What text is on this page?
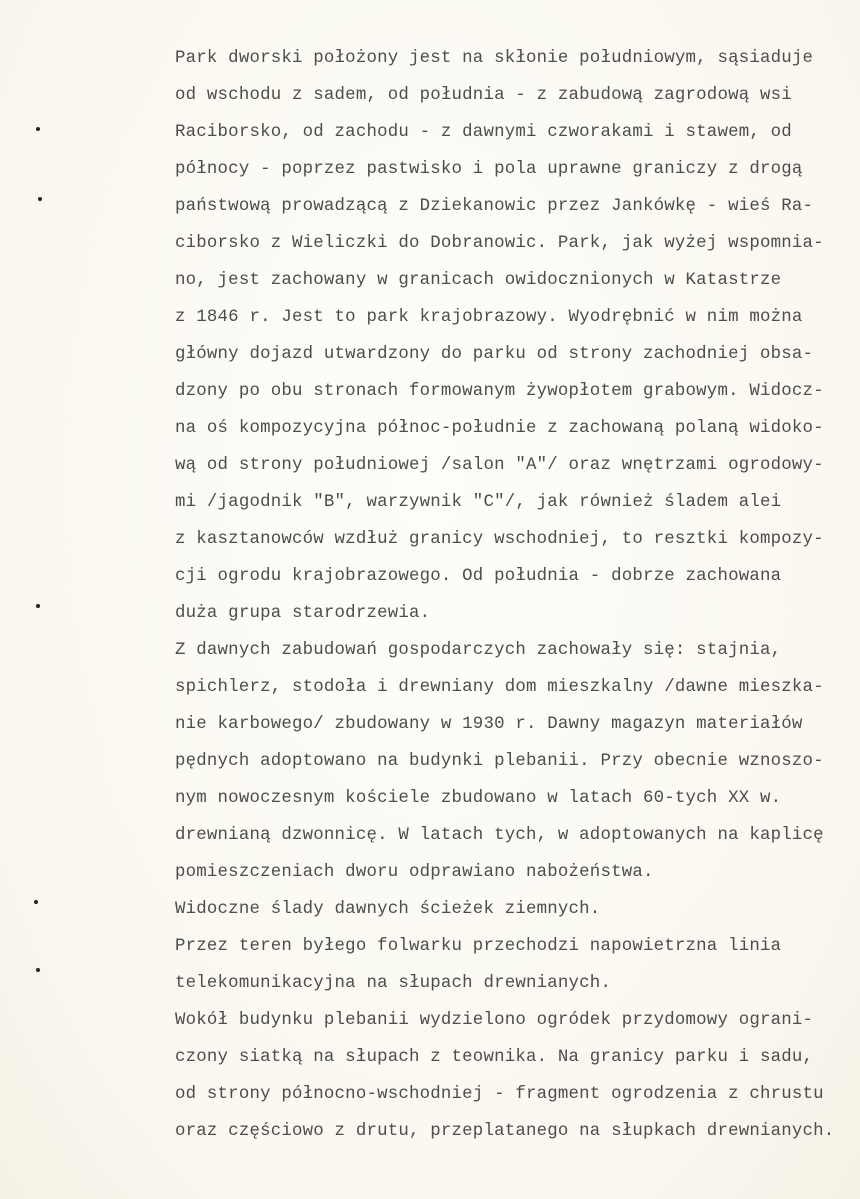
Park dworski położony jest na skłonie południowym, sąsiaduje
od wschodu z sadem, od południa - z zabudową zagrodową wsi
Raciborsko, od zachodu - z dawnymi czworakami i stawem, od
północy - poprzez pastwisko i pola uprawne graniczy z drogą
państwową prowadzącą z Dziekanowic przez Jankówkę - wieś Ra-
ciborsko z Wieliczki do Dobranowic. Park, jak wyżej wspomnia-
no, jest zachowany w granicach owidocznionych w Katastrze
z 1846 r. Jest to park krajobrazowy. Wyodrębnić w nim można
główny dojazd utwardzony do parku od strony zachodniej obsa-
dzony po obu stronach formowanym żywopłotem grabowym. Widocz-
na oś kompozycyjna północ-południe z zachowaną polaną widoko-
wą od strony południowej /salon "A"/ oraz wnętrzami ogrodowy-
mi /jagodnik "B", warzywnik "C"/, jak również śladem alei
z kasztanowców wzdłuż granicy wschodniej, to resztki kompozy-
cji ogrodu krajobrazowego. Od południa - dobrze zachowana
duża grupa starodrzewia.
Z dawnych zabudowań gospodarczych zachowały się: stajnia,
spichlerz, stodoła i drewniany dom mieszkalny /dawne mieszka-
nie karbowego/ zbudowany w 1930 r. Dawny magazyn materiałów
pędnych adoptowano na budynki plebanii. Przy obecnie wznoszo-
nym nowoczesnym kościele zbudowano w latach 60-tych XX w.
drewnianą dzwonnicę. W latach tych, w adoptowanych na kaplicę
pomieszczeniach dworu odprawiano nabożeństwa.
Widoczne ślady dawnych ścieżek ziemnych.
Przez teren byłego folwarku przechodzi napowietrzna linia
telekomunikacyjna na słupach drewnianych.
Wokół budynku plebanii wydzielono ogródek przydomowy ograni-
czony siatką na słupach z teownika. Na granicy parku i sadu,
od strony północno-wschodniej - fragment ogrodzenia z chrustu
oraz częściowo z drutu, przeplatanego na słupkach drewnianych.
